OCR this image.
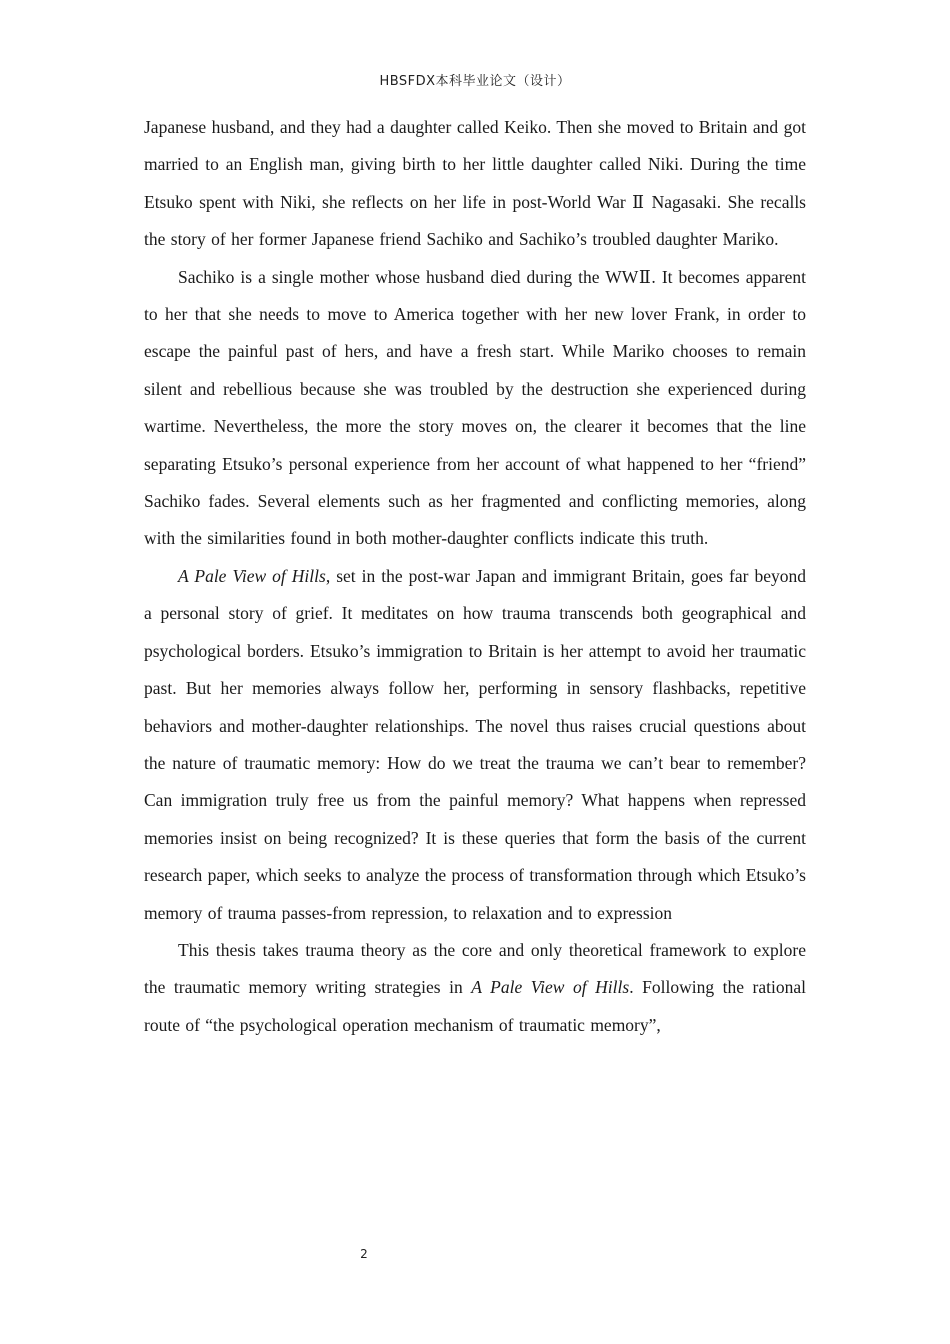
HBSFDX本科毕业论文（设计）

Japanese husband, and they had a daughter called Keiko. Then she moved to Britain and got married to an English man, giving birth to her little daughter called Niki. During the time Etsuko spent with Niki, she reflects on her life in post-World War Ⅱ Nagasaki. She recalls the story of her former Japanese friend Sachiko and Sachiko’s troubled daughter Mariko.

Sachiko is a single mother whose husband died during the WWⅡ. It becomes apparent to her that she needs to move to America together with her new lover Frank, in order to escape the painful past of hers, and have a fresh start. While Mariko chooses to remain silent and rebellious because she was troubled by the destruction she experienced during wartime. Nevertheless, the more the story moves on, the clearer it becomes that the line separating Etsuko’s personal experience from her account of what happened to her “friend” Sachiko fades. Several elements such as her fragmented and conflicting memories, along with the similarities found in both mother-daughter conflicts indicate this truth.

A Pale View of Hills, set in the post-war Japan and immigrant Britain, goes far beyond a personal story of grief. It meditates on how trauma transcends both geographical and psychological borders. Etsuko’s immigration to Britain is her attempt to avoid her traumatic past. But her memories always follow her, performing in sensory flashbacks, repetitive behaviors and mother-daughter relationships. The novel thus raises crucial questions about the nature of traumatic memory: How do we treat the trauma we can’t bear to remember? Can immigration truly free us from the painful memory? What happens when repressed memories insist on being recognized? It is these queries that form the basis of the current research paper, which seeks to analyze the process of transformation through which Etsuko’s memory of trauma passes-from repression, to relaxation and to expression

This thesis takes trauma theory as the core and only theoretical framework to explore the traumatic memory writing strategies in A Pale View of Hills. Following the rational route of “the psychological operation mechanism of traumatic memory”,

2
